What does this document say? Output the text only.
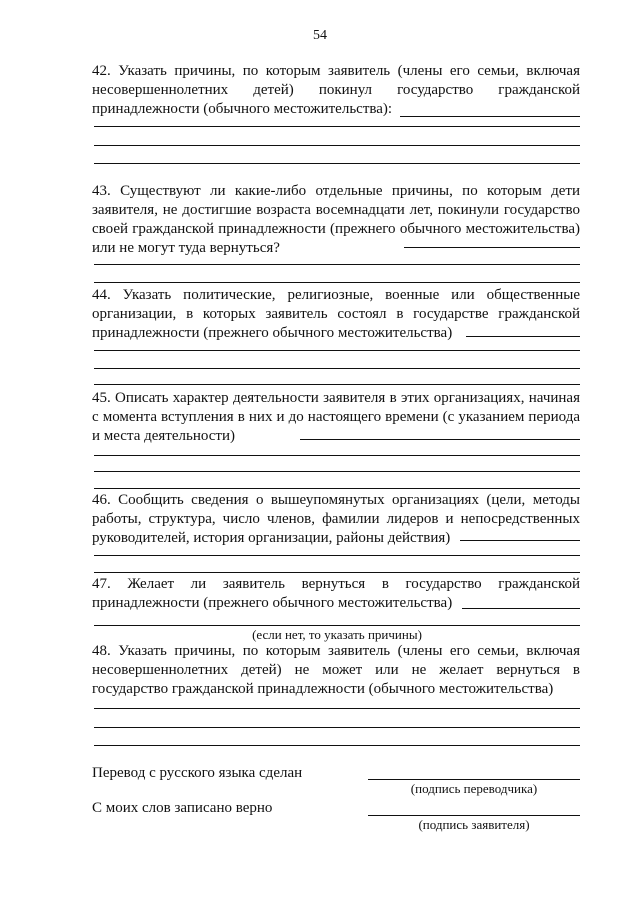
54
42. Указать причины, по которым заявитель (члены его семьи, включая несовершеннолетних детей) покинул государство гражданской принадлежности (обычного местожительства):
43. Существуют ли какие-либо отдельные причины, по которым дети заявителя, не достигшие возраста восемнадцати лет, покинули государство своей гражданской принадлежности (прежнего обычного местожительства) или не могут туда вернуться?
44. Указать политические, религиозные, военные или общественные организации, в которых заявитель состоял в государстве гражданской принадлежности (прежнего обычного местожительства)
45. Описать характер деятельности заявителя в этих организациях, начиная с момента вступления в них и до настоящего времени (с указанием периода и места деятельности)
46. Сообщить сведения о вышеупомянутых организациях (цели, методы работы, структура, число членов, фамилии лидеров и непосредственных руководителей, история организации, районы действия)
47. Желает ли заявитель вернуться в государство гражданской принадлежности (прежнего обычного местожительства)
(если нет, то указать причины)
48. Указать причины, по которым заявитель (члены его семьи, включая несовершеннолетних детей) не может или не желает вернуться в государство гражданской принадлежности (обычного местожительства)
Перевод с русского языка сделан
(подпись переводчика)
С моих слов записано верно
(подпись заявителя)
